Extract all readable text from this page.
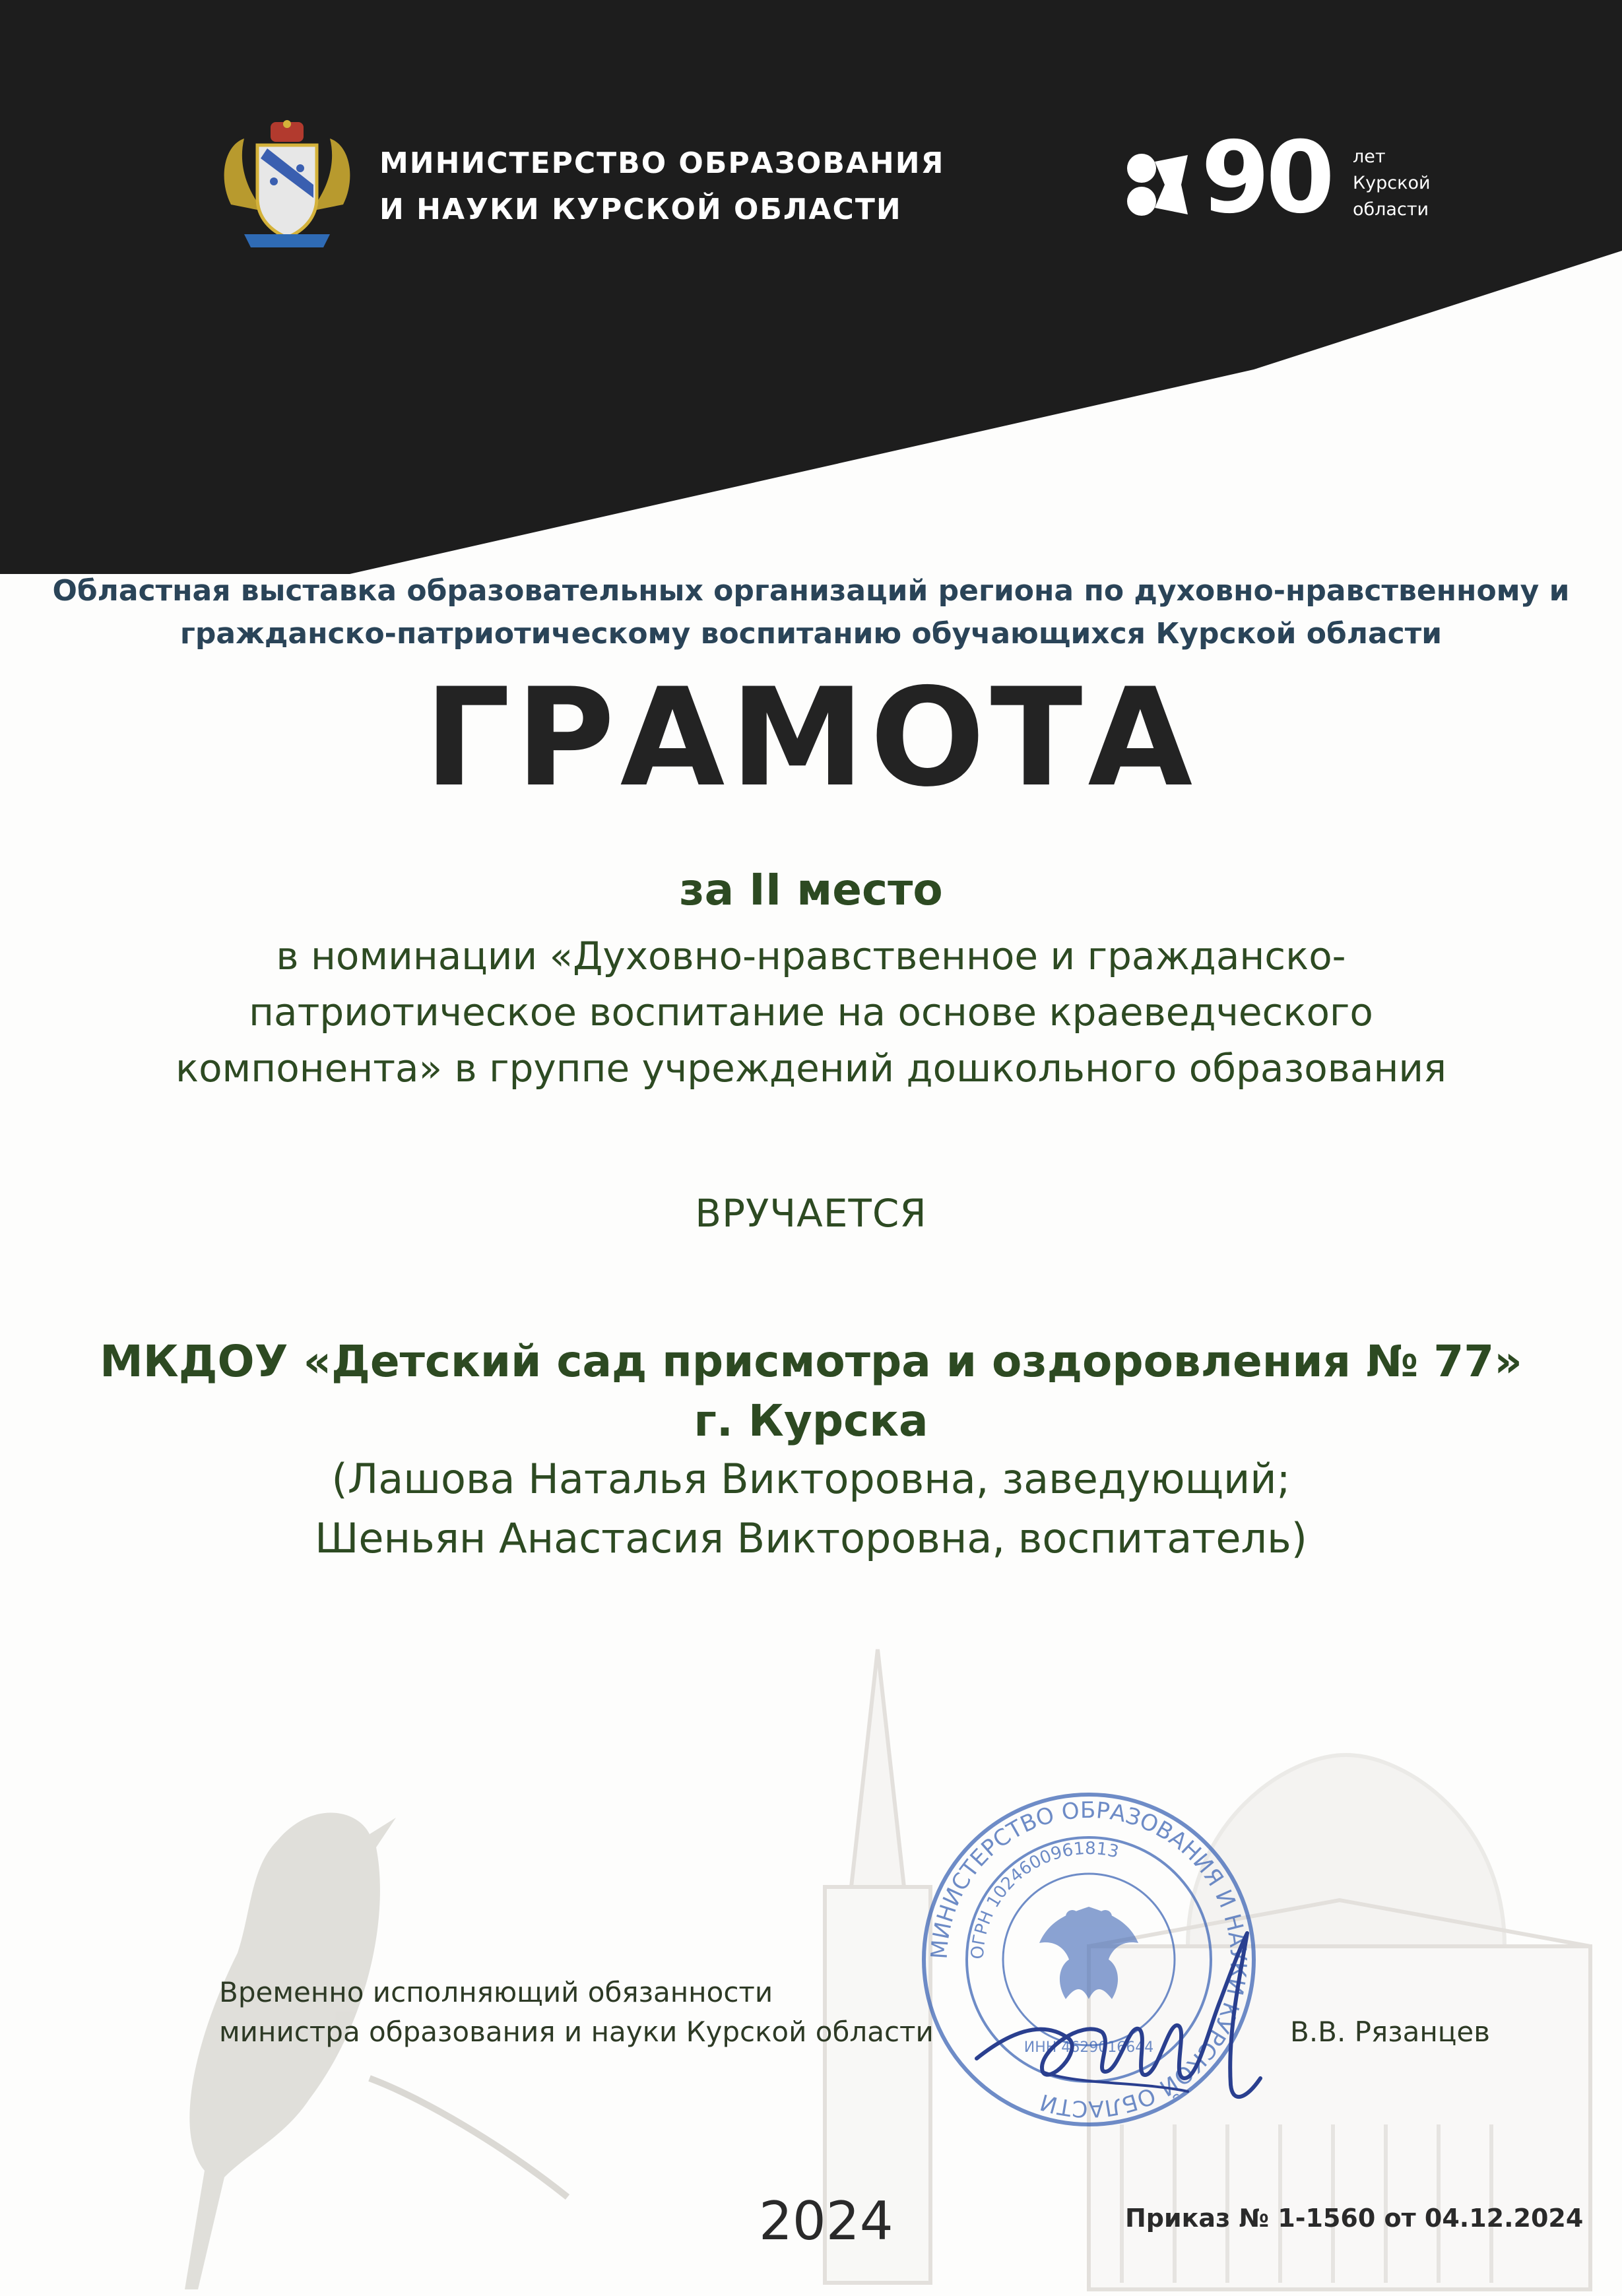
МИНИСТЕРСТВО ОБРАЗОВАНИЯ
И НАУКИ КУРСКОЙ ОБЛАСТИ	90 лет
Курской
области
Областная выставка образовательных организаций региона по духовно-нравственному и
гражданско-патриотическому воспитанию обучающихся Курской области
ГРАМОТА
за II место
в номинации «Духовно-нравственное и гражданско-
патриотическое воспитание на основе краеведческого
компонента» в группе учреждений дошкольного образования
ВРУЧАЕТСЯ
МКДОУ «Детский сад присмотра и оздоровления № 77»
г. Курска
(Лашова Наталья Викторовна, заведующий;
Шеньян Анастасия Викторовна, воспитатель)
МИНИСТЕРСТВО ОБРАЗОВАНИЯ И НАУКИ КУРСКОЙ ОБЛАСТИ
ОГРН 1024600961813
ИНН 4629016644
Временно исполняющий обязанности
министра образования и науки Курской области	В.В. Рязанцев
2024	Приказ № 1-1560 от 04.12.2024
